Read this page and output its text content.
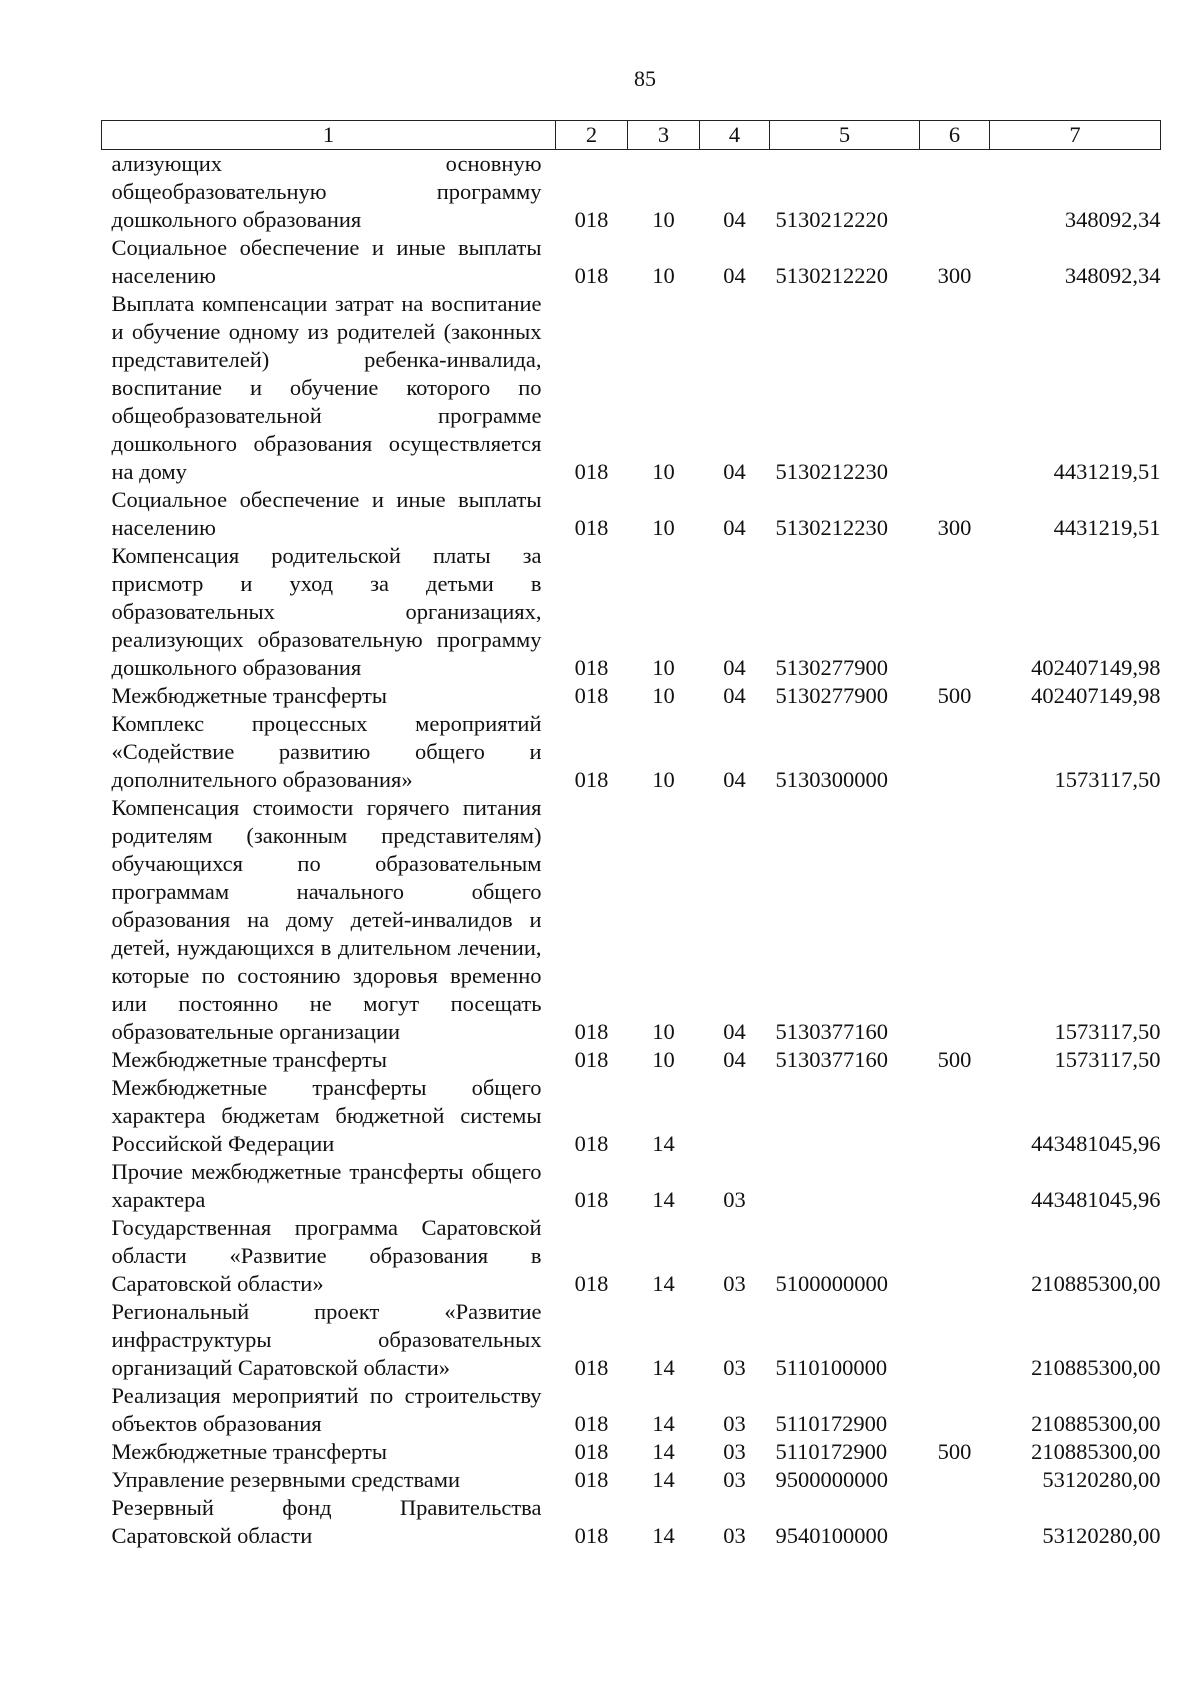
85
1	2	3	4	5	6	7
ализующих основную общеобразовательную программу дошкольного образования	018	10	04	5130212220		348092,34
Социальное обеспечение и иные выплаты населению	018	10	04	5130212220	300	348092,34
Выплата компенсации затрат на воспитание и обучение одному из родителей (законных представителей) ребенка-инвалида, воспитание и обучение которого по общеобразовательной программе дошкольного образования осуществляется на дому	018	10	04	5130212230		4431219,51
Социальное обеспечение и иные выплаты населению	018	10	04	5130212230	300	4431219,51
Компенсация родительской платы за присмотр и уход за детьми в образовательных организациях, реализующих образовательную программу дошкольного образования	018	10	04	5130277900		402407149,98
Межбюджетные трансферты	018	10	04	5130277900	500	402407149,98
Комплекс процессных мероприятий «Содействие развитию общего и дополнительного образования»	018	10	04	5130300000		1573117,50
Компенсация стоимости горячего питания родителям (законным представителям) обучающихся по образовательным программам начального общего образования на дому детей-инвалидов и детей, нуждающихся в длительном лечении, которые по состоянию здоровья временно или постоянно не могут посещать образовательные организации	018	10	04	5130377160		1573117,50
Межбюджетные трансферты	018	10	04	5130377160	500	1573117,50
Межбюджетные трансферты общего характера бюджетам бюджетной системы Российской Федерации	018	14				443481045,96
Прочие межбюджетные трансферты общего характера	018	14	03			443481045,96
Государственная программа Саратовской области «Развитие образования в Саратовской области»	018	14	03	5100000000		210885300,00
Региональный проект «Развитие инфраструктуры образовательных организаций Саратовской области»	018	14	03	5110100000		210885300,00
Реализация мероприятий по строительству объектов образования	018	14	03	5110172900		210885300,00
Межбюджетные трансферты	018	14	03	5110172900	500	210885300,00
Управление резервными средствами	018	14	03	9500000000		53120280,00
Резервный фонд Правительства Саратовской области	018	14	03	9540100000		53120280,00
